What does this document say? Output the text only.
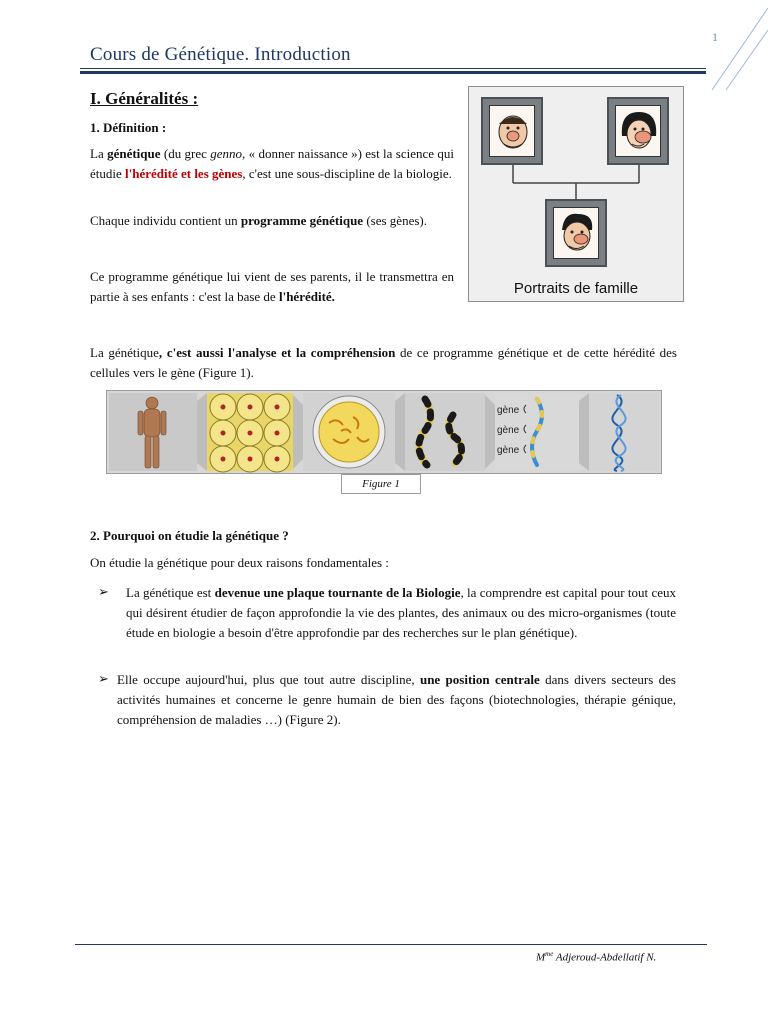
1
Cours de Génétique. Introduction
I. Généralités :
1. Définition :
La génétique (du grec genno, « donner naissance ») est la science qui étudie l'hérédité et les gènes, c'est une sous-discipline de la biologie.
Chaque individu contient un programme génétique (ses gènes).
Ce programme génétique lui vient de ses parents, il le transmettra en partie à ses enfants : c'est la base de l'hérédité.	Portraits de famille
La génétique, c'est aussi l'analyse et la compréhension de ce programme génétique et de cette hérédité des cellules vers le gène (Figure 1).
gène
gène
gène
Figure 1
2. Pourquoi on étudie la génétique ?
On étudie la génétique pour deux raisons fondamentales :
➢ La génétique est devenue une plaque tournante de la Biologie, la comprendre est capital pour tout ceux qui désirent étudier de façon approfondie la vie des plantes, des animaux ou des micro-organismes (toute étude en biologie a besoin d'être approfondie par des recherches sur le plan génétique).
➢ Elle occupe aujourd'hui, plus que tout autre discipline, une position centrale dans divers secteurs des activités humaines et concerne le genre humain de bien des façons (biotechnologies, thérapie génique, compréhension de maladies …) (Figure 2).
$M^{me}$ Adjeroud-Abdellatif N.
